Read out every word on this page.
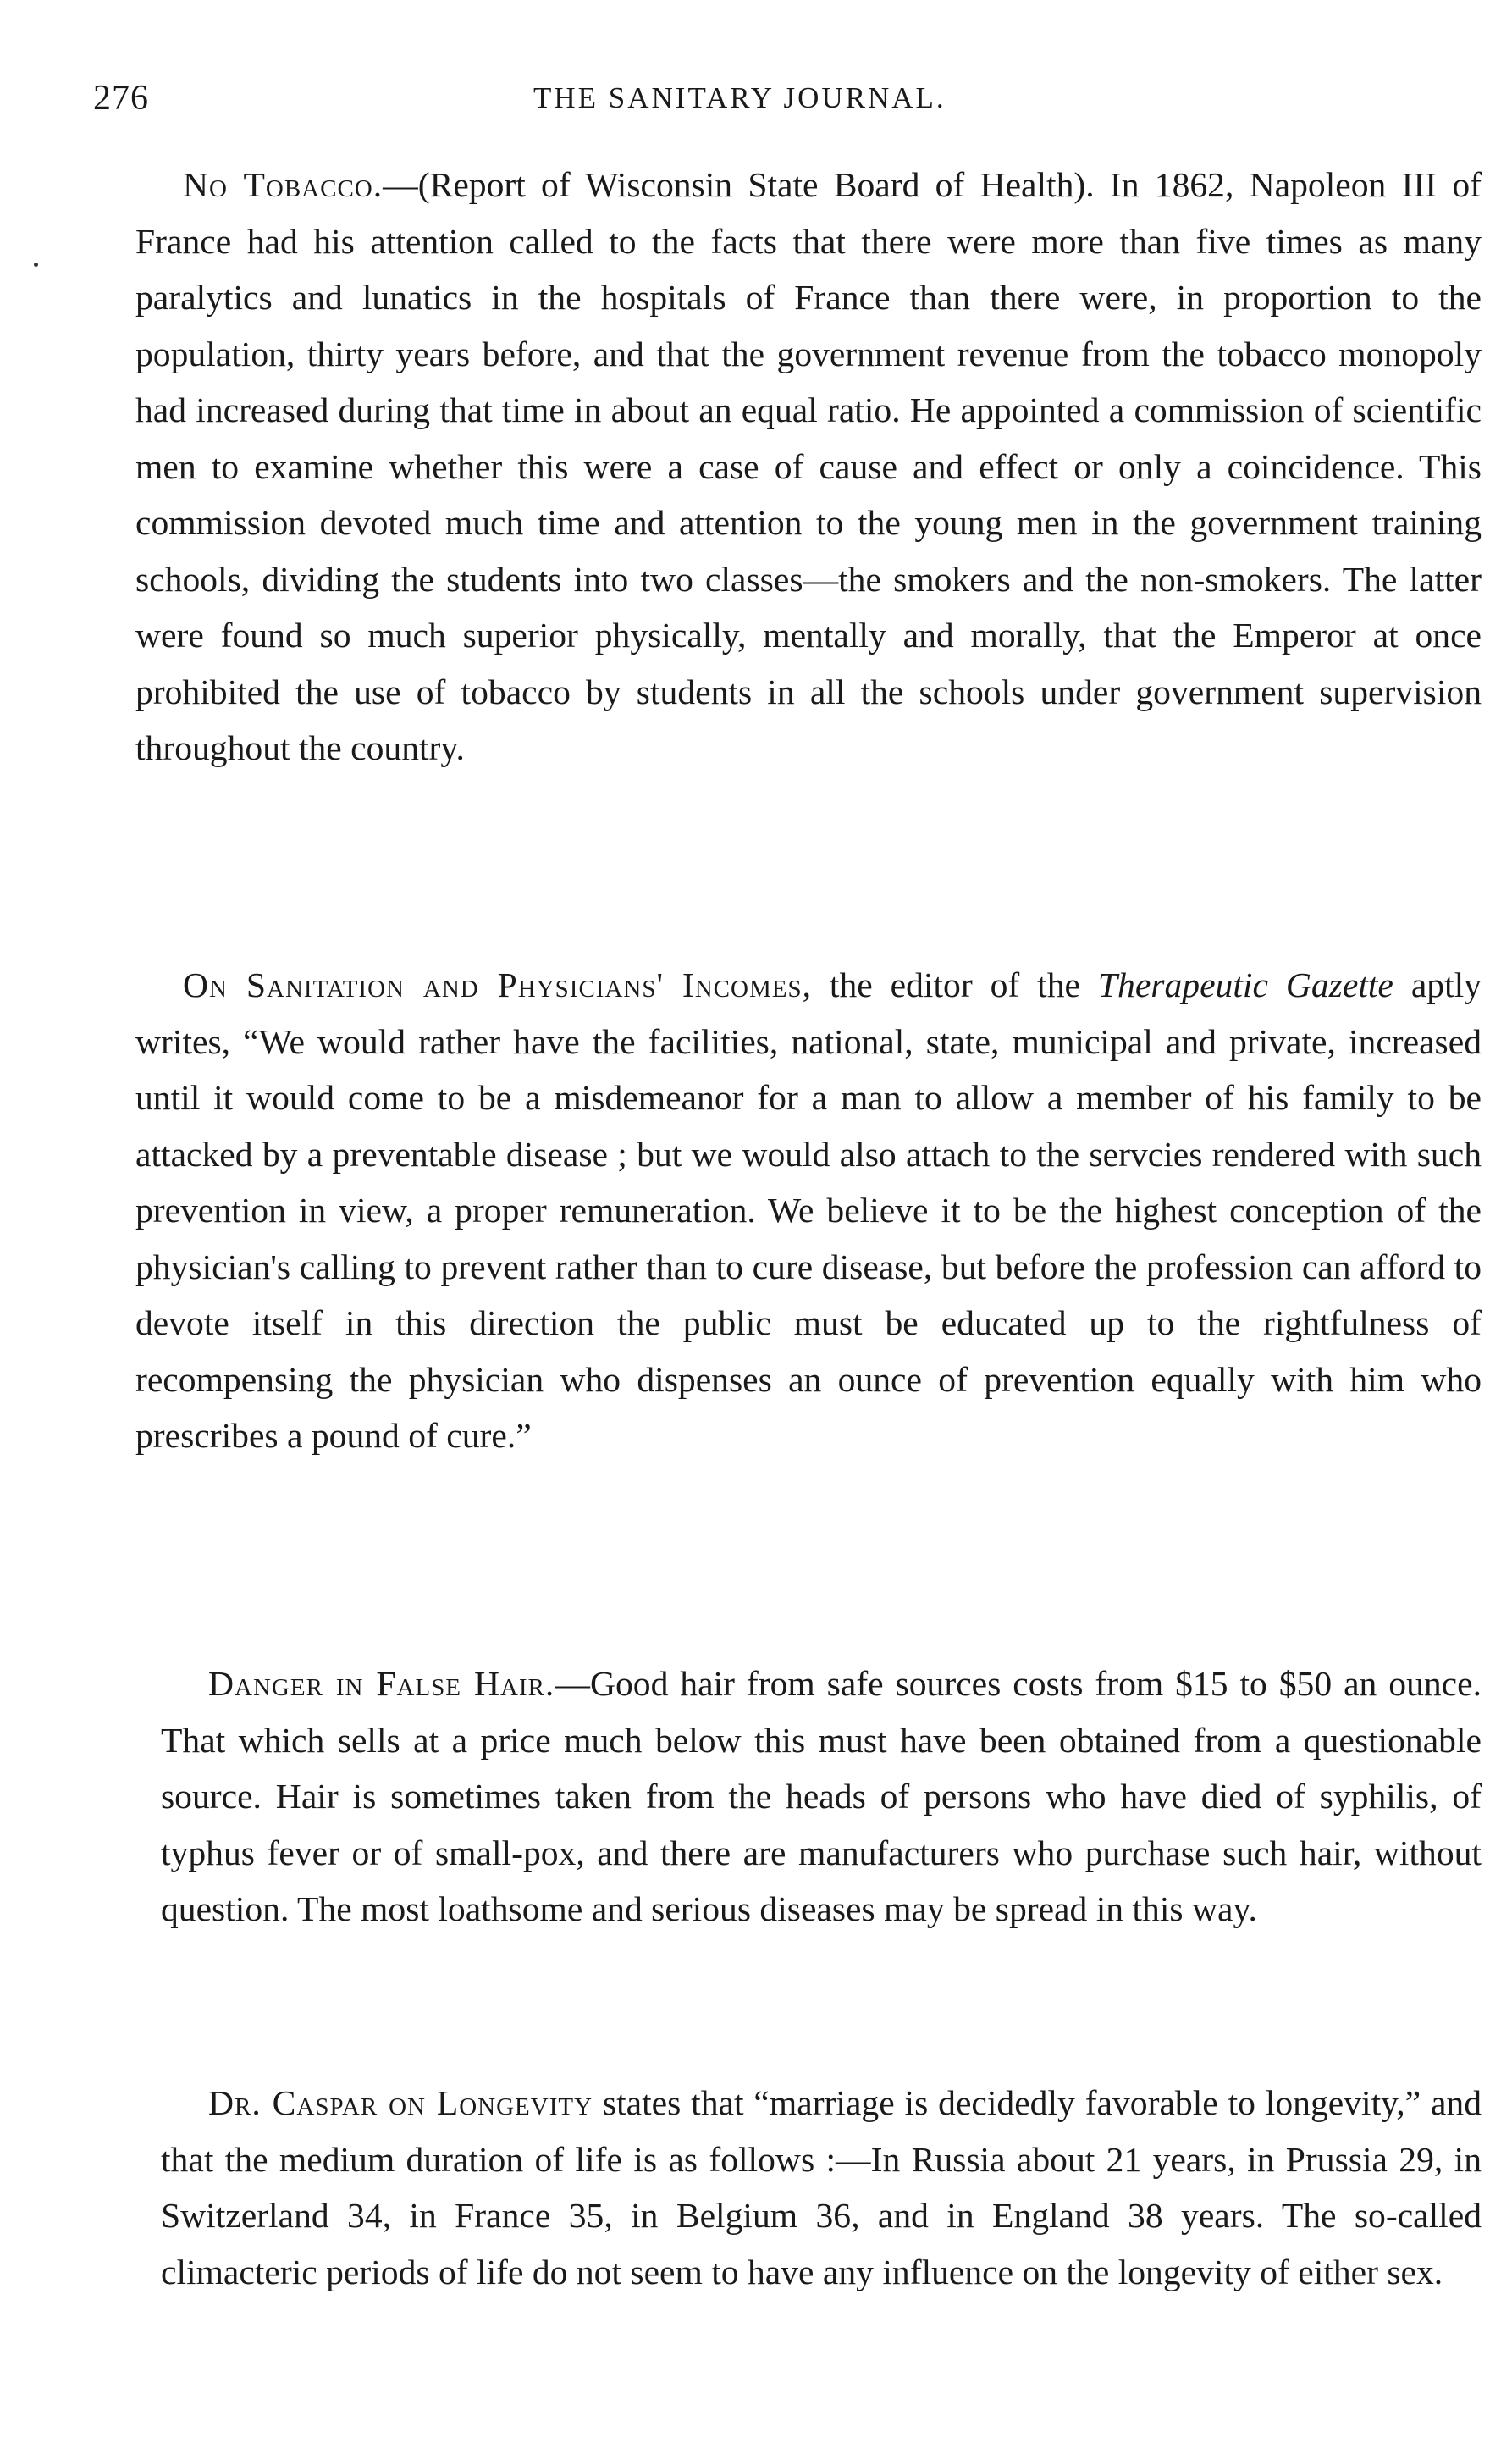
276	THE SANITARY JOURNAL.

No Tobacco.—(Report of Wisconsin State Board of Health). In 1862, Napoleon III of France had his attention called to the facts that there were more than five times as many paralytics and lunatics in the hospitals of France than there were, in proportion to the population, thirty years before, and that the government revenue from the tobacco monopoly had increased during that time in about an equal ratio. He appointed a commission of scientific men to examine whether this were a case of cause and effect or only a coincidence. This commission devoted much time and attention to the young men in the government training schools, dividing the students into two classes—the smokers and the non-smokers. The latter were found so much superior physically, mentally and morally, that the Emperor at once prohibited the use of tobacco by students in all the schools under government supervision throughout the country.

On Sanitation and Physicians' Incomes, the editor of the Therapeutic Gazette aptly writes, “We would rather have the facilities, national, state, municipal and private, increased until it would come to be a misdemeanor for a man to allow a member of his family to be attacked by a preventable disease ; but we would also attach to the servcies rendered with such prevention in view, a proper remuneration. We believe it to be the highest conception of the physician's calling to prevent rather than to cure disease, but before the profession can afford to devote itself in this direction the public must be educated up to the rightfulness of recompensing the physician who dispenses an ounce of prevention equally with him who prescribes a pound of cure.”

Danger in False Hair.—Good hair from safe sources costs from $15 to $50 an ounce. That which sells at a price much below this must have been obtained from a questionable source. Hair is sometimes taken from the heads of persons who have died of syphilis, of typhus fever or of small-pox, and there are manufacturers who purchase such hair, without question. The most loathsome and serious diseases may be spread in this way.

Dr. Caspar on Longevity states that “marriage is decidedly favorable to longevity,” and that the medium duration of life is as follows :—In Russia about 21 years, in Prussia 29, in Switzerland 34, in France 35, in Belgium 36, and in England 38 years. The so-called climacteric periods of life do not seem to have any influence on the longevity of either sex.
